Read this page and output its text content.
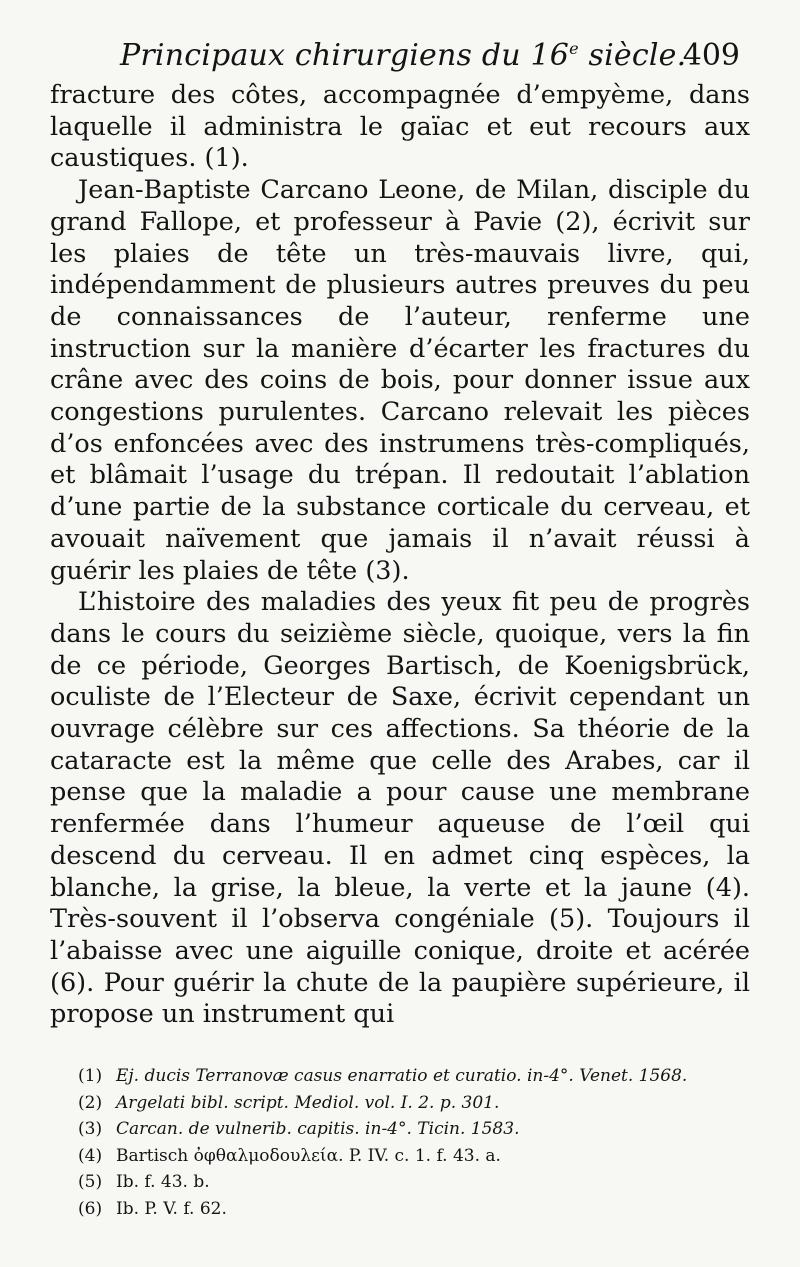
Principaux chirurgiens du 16e siècle.
409

fracture des côtes, accompagnée d’empyème, dans laquelle il administra le gaïac et eut recours aux caustiques. (1).

Jean-Baptiste Carcano Leone, de Milan, disciple du grand Fallope, et professeur à Pavie (2), écrivit sur les plaies de tête un très-mauvais livre, qui, indépendamment de plusieurs autres preuves du peu de connaissances de l’auteur, renferme une instruction sur la manière d’écarter les fractures du crâne avec des coins de bois, pour donner issue aux congestions purulentes. Carcano relevait les pièces d’os enfoncées avec des instrumens très-compliqués, et blâmait l’usage du trépan. Il redoutait l’ablation d’une partie de la substance corticale du cerveau, et avouait naïvement que jamais il n’avait réussi à guérir les plaies de tête (3).

L’histoire des maladies des yeux fit peu de progrès dans le cours du seizième siècle, quoique, vers la fin de ce période, Georges Bartisch, de Koenigsbrück, oculiste de l’Electeur de Saxe, écrivit cependant un ouvrage célèbre sur ces affections. Sa théorie de la cataracte est la même que celle des Arabes, car il pense que la maladie a pour cause une membrane renfermée dans l’humeur aqueuse de l’œil qui descend du cerveau. Il en admet cinq espèces, la blanche, la grise, la bleue, la verte et la jaune (4). Très-souvent il l’observa congéniale (5). Toujours il l’abaisse avec une aiguille conique, droite et acérée (6). Pour guérir la chute de la paupière supérieure, il propose un instrument qui

(1) Ej. ducis Terranovæ casus enarratio et curatio. in-4°. Venet. 1568.
(2) Argelati bibl. script. Mediol. vol. I. 2. p. 301.
(3) Carcan. de vulnerib. capitis. in-4°. Ticin. 1583.
(4) Bartisch ὀφθαλμοδουλεία. P. IV. c. 1. f. 43. a.
(5) Ib. f. 43. b.
(6) Ib. P. V. f. 62.
